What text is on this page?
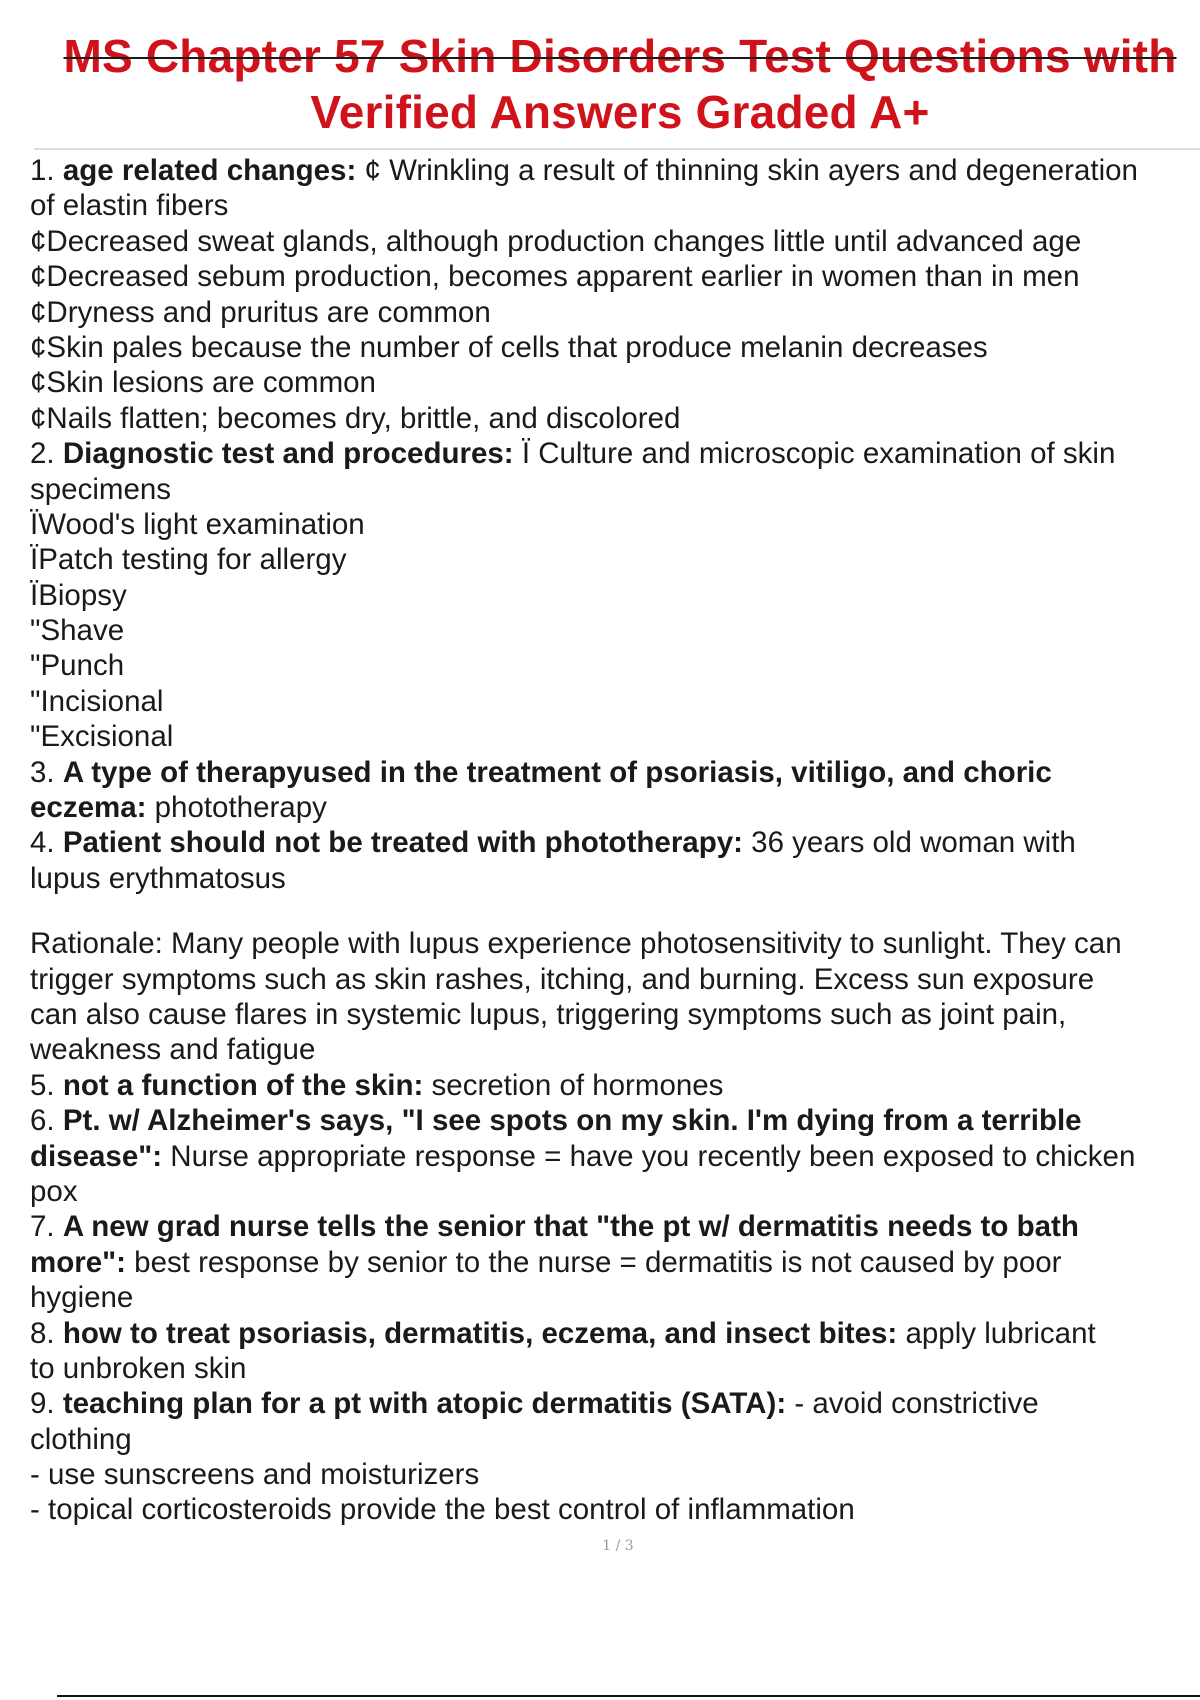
MS Chapter 57 Skin Disorders Test Questions with
Verified Answers Graded A+
1. age related changes: ¢ Wrinkling a result of thinning skin ayers and degeneration
of elastin fibers
¢Decreased sweat glands, although production changes little until advanced age
¢Decreased sebum production, becomes apparent earlier in women than in men
¢Dryness and pruritus are common
¢Skin pales because the number of cells that produce melanin decreases
¢Skin lesions are common
¢Nails flatten; becomes dry, brittle, and discolored
2. Diagnostic test and procedures: Ï Culture and microscopic examination of skin
specimens
ÏWood's light examination
ÏPatch testing for allergy
ÏBiopsy
"Shave
"Punch
"Incisional
"Excisional
3. A type of therapyused in the treatment of psoriasis, vitiligo, and choric
eczema: phototherapy
4. Patient should not be treated with phototherapy: 36 years old woman with
lupus erythmatosus
Rationale: Many people with lupus experience photosensitivity to sunlight. They can
trigger symptoms such as skin rashes, itching, and burning. Excess sun exposure
can also cause flares in systemic lupus, triggering symptoms such as joint pain,
weakness and fatigue
5. not a function of the skin: secretion of hormones
6. Pt. w/ Alzheimer's says, "I see spots on my skin. I'm dying from a terrible
disease": Nurse appropriate response = have you recently been exposed to chicken
pox
7. A new grad nurse tells the senior that "the pt w/ dermatitis needs to bath
more": best response by senior to the nurse = dermatitis is not caused by poor
hygiene
8. how to treat psoriasis, dermatitis, eczema, and insect bites: apply lubricant
to unbroken skin
9. teaching plan for a pt with atopic dermatitis (SATA): - avoid constrictive
clothing
- use sunscreens and moisturizers
- topical corticosteroids provide the best control of inflammation
1 / 3
